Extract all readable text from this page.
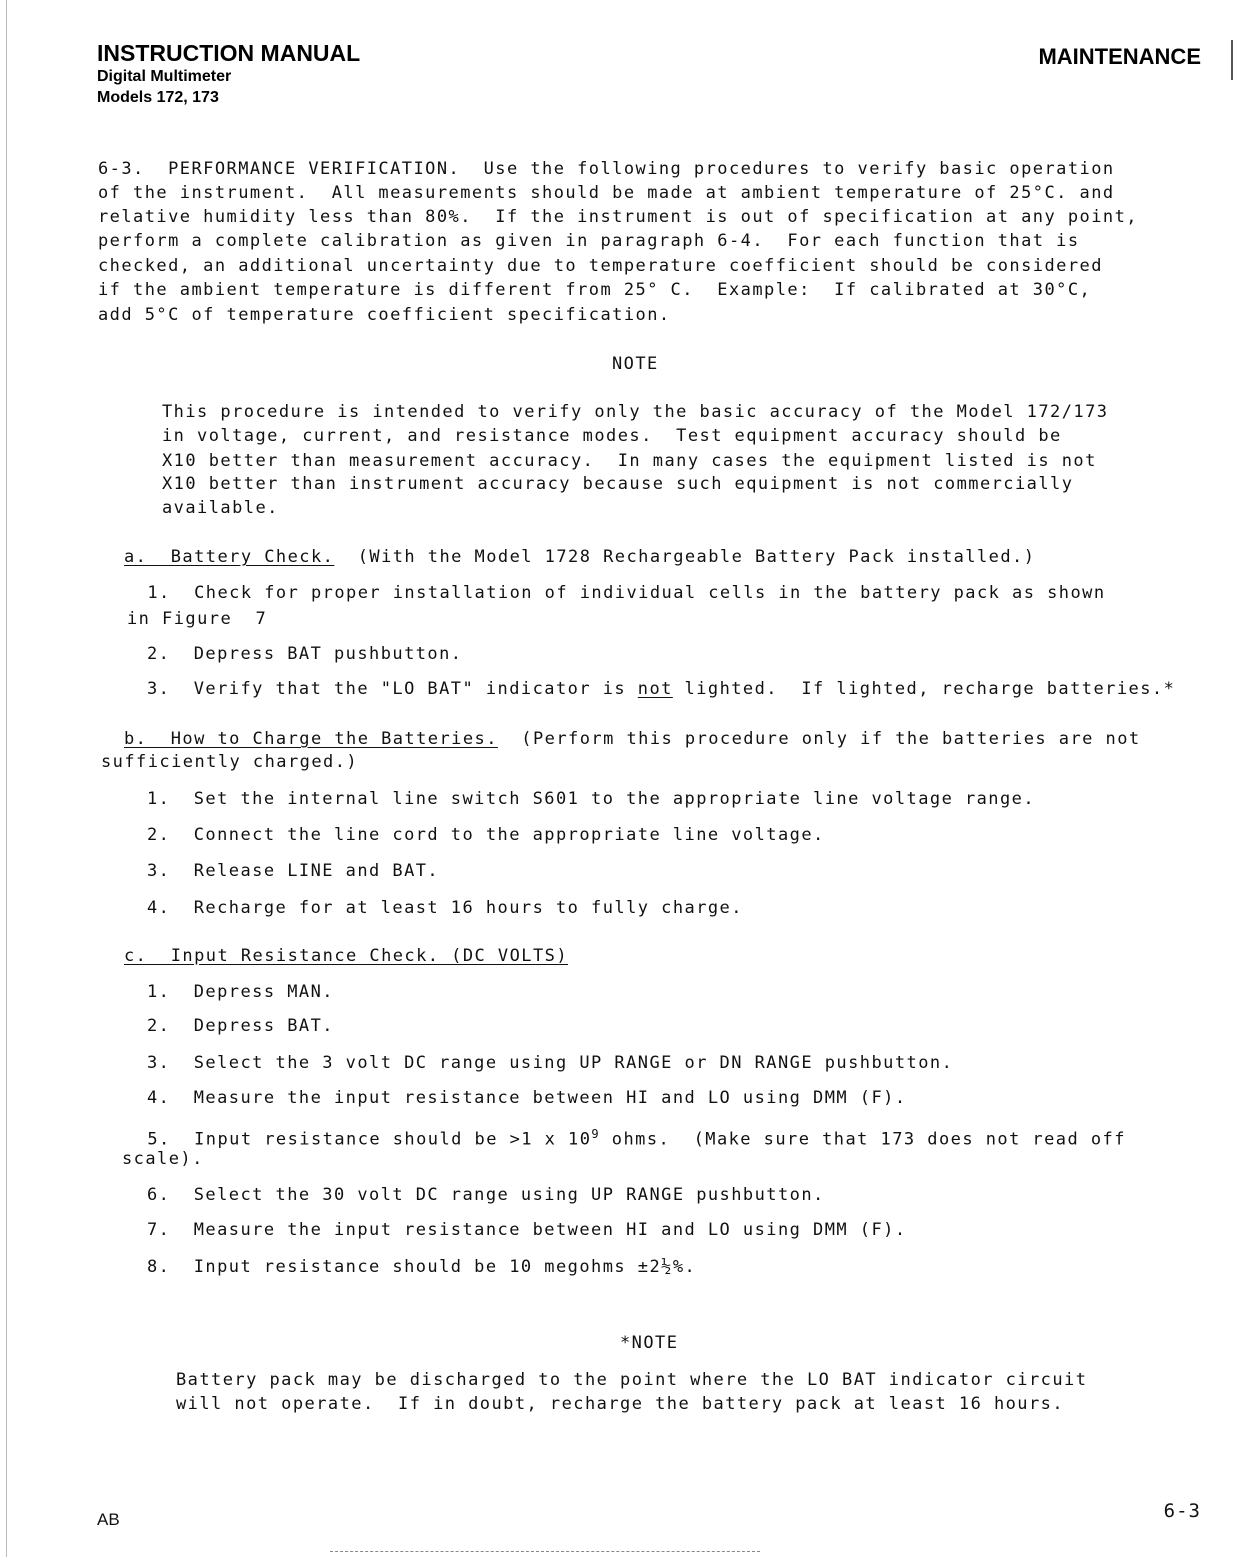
INSTRUCTION MANUAL
Digital Multimeter
Models 172, 173
MAINTENANCE
6-3.  PERFORMANCE VERIFICATION.  Use the following procedures to verify basic operation
of the instrument.  All measurements should be made at ambient temperature of 25°C. and
relative humidity less than 80%.  If the instrument is out of specification at any point,
perform a complete calibration as given in paragraph 6-4.  For each function that is
checked, an additional uncertainty due to temperature coefficient should be considered
if the ambient temperature is different from 25° C.  Example:  If calibrated at 30°C,
add 5°C of temperature coefficient specification.
NOTE
This procedure is intended to verify only the basic accuracy of the Model 172/173
in voltage, current, and resistance modes.  Test equipment accuracy should be
X10 better than measurement accuracy.  In many cases the equipment listed is not
X10 better than instrument accuracy because such equipment is not commercially
available.
a.  Battery Check.  (With the Model 1728 Rechargeable Battery Pack installed.)
1.  Check for proper installation of individual cells in the battery pack as shown
in Figure  7
2.  Depress BAT pushbutton.
3.  Verify that the "LO BAT" indicator is not lighted.  If lighted, recharge batteries.*
b.  How to Charge the Batteries.  (Perform this procedure only if the batteries are not
sufficiently charged.)
1.  Set the internal line switch S601 to the appropriate line voltage range.
2.  Connect the line cord to the appropriate line voltage.
3.  Release LINE and BAT.
4.  Recharge for at least 16 hours to fully charge.
c.  Input Resistance Check. (DC VOLTS)
1.  Depress MAN.
2.  Depress BAT.
3.  Select the 3 volt DC range using UP RANGE or DN RANGE pushbutton.
4.  Measure the input resistance between HI and LO using DMM (F).
5.  Input resistance should be >1 x $10^9$ ohms.  (Make sure that 173 does not read off
scale).
6.  Select the 30 volt DC range using UP RANGE pushbutton.
7.  Measure the input resistance between HI and LO using DMM (F).
8.  Input resistance should be 10 megohms ±2½%.
*NOTE
Battery pack may be discharged to the point where the LO BAT indicator circuit
will not operate.  If in doubt, recharge the battery pack at least 16 hours.
AB	6-3
